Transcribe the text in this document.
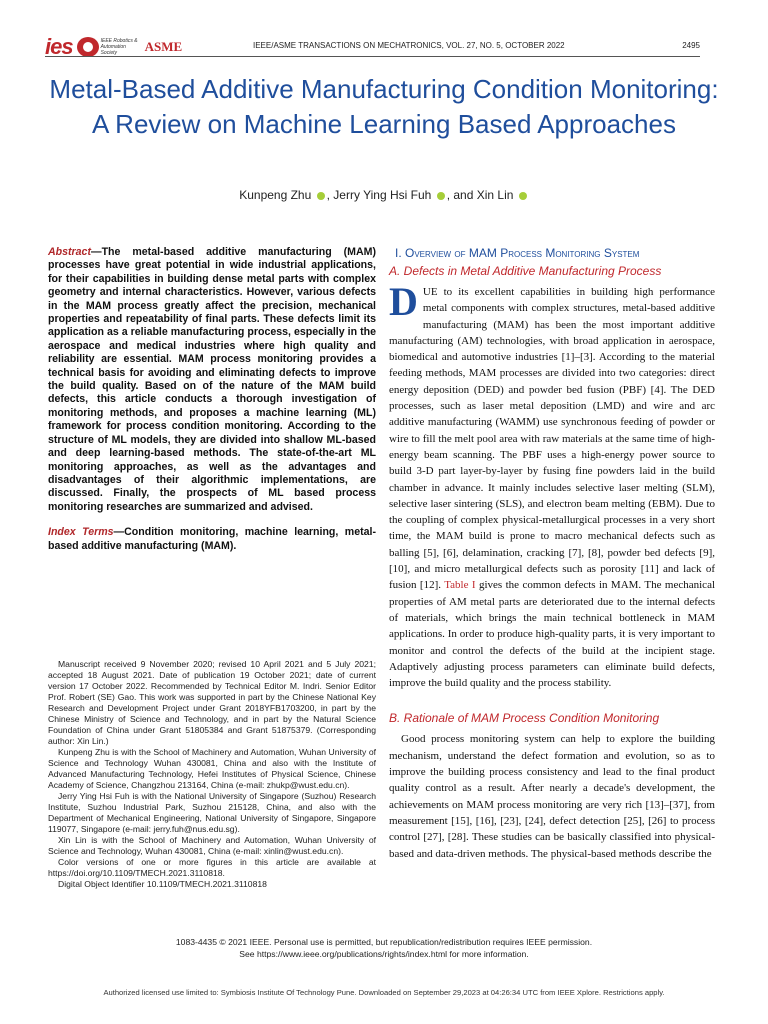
ies	IEEE Robotics & Automation Society	ASME	IEEE/ASME TRANSACTIONS ON MECHATRONICS, VOL. 27, NO. 5, OCTOBER 2022	2495
Metal-Based Additive Manufacturing Condition Monitoring: A Review on Machine Learning Based Approaches
Kunpeng Zhu , Jerry Ying Hsi Fuh , and Xin Lin

Abstract—The metal-based additive manufacturing (MAM) processes have great potential in wide industrial applications, for their capabilities in building dense metal parts with complex geometry and internal characteristics. However, various defects in the MAM process greatly affect the precision, mechanical properties and repeatability of final parts. These defects limit its application as a reliable manufacturing process, especially in the aerospace and medical industries where high quality and reliability are essential. MAM process monitoring provides a technical basis for avoiding and eliminating defects to improve the build quality. Based on of the nature of the MAM build defects, this article conducts a thorough investigation of monitoring methods, and proposes a machine learning (ML) framework for process condition monitoring. According to the structure of ML models, they are divided into shallow ML-based and deep learning-based methods. The state-of-the-art ML monitoring approaches, as well as the advantages and disadvantages of their algorithmic implementations, are discussed. Finally, the prospects of ML based process monitoring researches are summarized and advised.

Index Terms—Condition monitoring, machine learning, metal-based additive manufacturing (MAM).

Manuscript received 9 November 2020; revised 10 April 2021 and 5 July 2021; accepted 18 August 2021. Date of publication 19 October 2021; date of current version 17 October 2022. Recommended by Technical Editor M. Indri. Senior Editor Prof. Robert (SE) Gao. This work was supported in part by the Chinese National Key Research and Development Project under Grant 2018YFB1703200, in part by the Chinese Ministry of Science and Technology, and in part by the Natural Science Foundation of China under Grant 51805384 and Grant 51875379. (Corresponding author: Xin Lin.)

Kunpeng Zhu is with the School of Machinery and Automation, Wuhan University of Science and Technology Wuhan 430081, China and also with the Institute of Advanced Manufacturing Technology, Hefei Institutes of Physical Science, Chinese Academy of Science, Changzhou 213164, China (e-mail: zhukp@wust.edu.cn).

Jerry Ying Hsi Fuh is with the National University of Singapore (Suzhou) Research Institute, Suzhou Industrial Park, Suzhou 215128, China, and also with the Department of Mechanical Engineering, National University of Singapore, Singapore 119077, Singapore (e-mail: jerry.fuh@nus.edu.sg).

Xin Lin is with the School of Machinery and Automation, Wuhan University of Science and Technology, Wuhan 430081, China (e-mail: xinlin@wust.edu.cn).

Color versions of one or more figures in this article are available at https://doi.org/10.1109/TMECH.2021.3110818.

Digital Object Identifier 10.1109/TMECH.2021.3110818

I. Overview of MAM Process Monitoring System
A. Defects in Metal Additive Manufacturing Process

DUE to its excellent capabilities in building high performance metal components with complex structures, metal-based additive manufacturing (MAM) has been the most important additive manufacturing (AM) technologies, with broad application in aerospace, biomedical and automotive industries [1]–[3]. According to the material feeding methods, MAM processes are divided into two categories: direct energy deposition (DED) and powder bed fusion (PBF) [4]. The DED processes, such as laser metal deposition (LMD) and wire and arc additive manufacturing (WAMM) use synchronous feeding of powder or wire to fill the melt pool area with raw materials at the same time of high-energy beam scanning. The PBF uses a high-energy power source to build 3-D part layer-by-layer by fusing fine powders laid in the build chamber in advance. It mainly includes selective laser melting (SLM), selective laser sintering (SLS), and electron beam melting (EBM). Due to the coupling of complex physical-metallurgical processes in a very short time, the MAM build is prone to macro mechanical defects such as balling [5], [6], delamination, cracking [7], [8], powder bed defects [9], [10], and micro metallurgical defects such as porosity [11] and lack of fusion [12]. Table I gives the common defects in MAM. The mechanical properties of AM metal parts are deteriorated due to the internal defects of materials, which brings the main technical bottleneck in MAM applications. In order to produce high-quality parts, it is very important to monitor and control the defects of the build at the incipient stage. Adaptively adjusting process parameters can eliminate build defects, improve the build quality and the process stability.

B. Rationale of MAM Process Condition Monitoring

Good process monitoring system can help to explore the building mechanism, understand the defect formation and evolution, so as to improve the building process consistency and lead to the final product quality control as a result. After nearly a decade's development, the achievements on MAM process monitoring are very rich [13]–[37], from measurement [15], [16], [23], [24], defect detection [25], [26] to process control [27], [28]. These studies can be basically classified into physical-based and data-driven methods. The physical-based methods describe the

1083-4435 © 2021 IEEE. Personal use is permitted, but republication/redistribution requires IEEE permission.
See https://www.ieee.org/publications/rights/index.html for more information.
Authorized licensed use limited to: Symbiosis Institute Of Technology Pune. Downloaded on September 29,2023 at 04:26:34 UTC from IEEE Xplore. Restrictions apply.
